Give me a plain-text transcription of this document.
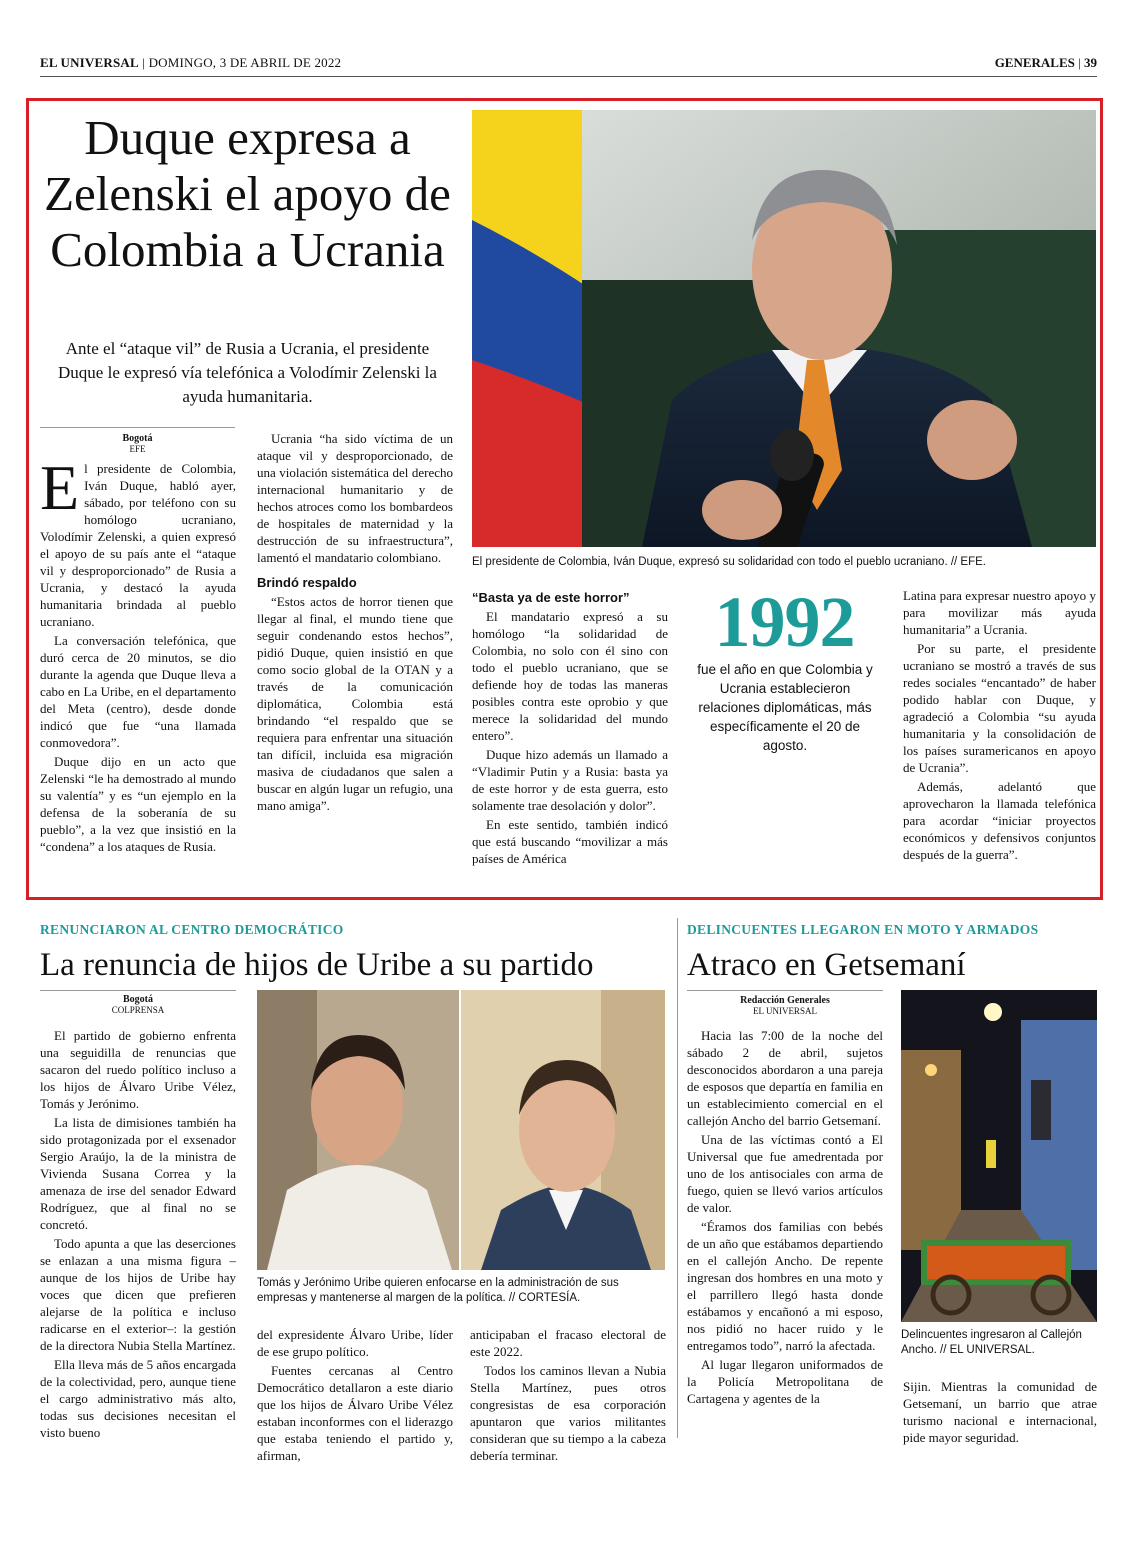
EL UNIVERSAL | DOMINGO, 3 DE ABRIL DE 2022	GENERALES | 39
Duque expresa a Zelenski el apoyo de Colombia a Ucrania
Ante el “ataque vil” de Rusia a Ucrania, el presidente Duque le expresó vía telefónica a Volodímir Zelenski la ayuda humanitaria.
Bogotá
EFE

El presidente de Colombia, Iván Duque, habló ayer, sábado, por teléfono con su homólogo ucraniano, Volodímir Zelenski, a quien expresó el apoyo de su país ante el “ataque vil y desproporcionado” de Rusia a Ucrania, y destacó la ayuda humanitaria brindada al pueblo ucraniano.

La conversación telefónica, que duró cerca de 20 minutos, se dio durante la agenda que Duque lleva a cabo en La Uribe, en el departamento del Meta (centro), desde donde indicó que fue “una llamada conmovedora”.

Duque dijo en un acto que Zelenski “le ha demostrado al mundo su valentía” y es “un ejemplo en la defensa de la soberanía de su pueblo”, a la vez que insistió en la “condena” a los ataques de Rusia.

Ucrania “ha sido víctima de un ataque vil y desproporcionado, de una violación sistemática del derecho internacional humanitario y de hechos atroces como los bombardeos de hospitales de maternidad y la destrucción de su infraestructura”, lamentó el mandatario colombiano.

Brindó respaldo

“Estos actos de horror tienen que llegar al final, el mundo tiene que seguir condenando estos hechos”, pidió Duque, quien insistió en que como socio global de la OTAN y a través de la comunicación diplomática, Colombia está brindando “el respaldo que se requiera para enfrentar una situación tan difícil, incluida esa migración masiva de ciudadanos que salen a buscar en algún lugar un refugio, una mano amiga”.

El presidente de Colombia, Iván Duque, expresó su solidaridad con todo el pueblo ucraniano. // EFE.
“Basta ya de este horror”

El mandatario expresó a su homólogo “la solidaridad de Colombia, no solo con él sino con todo el pueblo ucraniano, que se defiende hoy de todas las maneras posibles contra este oprobio y que merece la solidaridad del mundo entero”.

Duque hizo además un llamado a “Vladimir Putin y a Rusia: basta ya de este horror y de esta guerra, esto solamente trae desolación y dolor”.

En este sentido, también indicó que está buscando “movilizar a más países de América

1992
fue el año en que Colombia y Ucrania establecieron relaciones diplomáticas, más específicamente el 20 de agosto.

Latina para expresar nuestro apoyo y para movilizar más ayuda humanitaria” a Ucrania.

Por su parte, el presidente ucraniano se mostró a través de sus redes sociales “encantado” de haber podido hablar con Duque, y agradeció a Colombia “su ayuda humanitaria y la consolidación de los países suramericanos en apoyo de Ucrania”.

Además, adelantó que aprovecharon la llamada telefónica para acordar “iniciar proyectos económicos y defensivos conjuntos después de la guerra”.

RENUNCIARON AL CENTRO DEMOCRÁTICO
La renuncia de hijos de Uribe a su partido
Bogotá
COLPRENSA

El partido de gobierno enfrenta una seguidilla de renuncias que sacaron del ruedo político incluso a los hijos de Álvaro Uribe Vélez, Tomás y Jerónimo.

La lista de dimisiones también ha sido protagonizada por el exsenador Sergio Araújo, la de la ministra de Vivienda Susana Correa y la amenaza de irse del senador Edward Rodríguez, que al final no se concretó.

Todo apunta a que las deserciones se enlazan a una misma figura –aunque de los hijos de Uribe hay voces que dicen que prefieren alejarse de la política e incluso radicarse en el exterior–: la gestión de la directora Nubia Stella Martínez.

Ella lleva más de 5 años encargada de la colectividad, pero, aunque tiene el cargo administrativo más alto, todas sus decisiones necesitan el visto bueno

Tomás y Jerónimo Uribe quieren enfocarse en la administración de sus empresas y mantenerse al margen de la política. // CORTESÍA.

del expresidente Álvaro Uribe, líder de ese grupo político.

Fuentes cercanas al Centro Democrático detallaron a este diario que los hijos de Álvaro Uribe Vélez estaban inconformes con el liderazgo que estaba teniendo el partido y, afirman,

anticipaban el fracaso electoral de este 2022.

Todos los caminos llevan a Nubia Stella Martínez, pues otros congresistas de esa corporación apuntaron que varios militantes consideran que su tiempo a la cabeza debería terminar.

DELINCUENTES LLEGARON EN MOTO Y ARMADOS
Atraco en Getsemaní
Redacción Generales
EL UNIVERSAL

Hacia las 7:00 de la noche del sábado 2 de abril, sujetos desconocidos abordaron a una pareja de esposos que departía en familia en un establecimiento comercial en el callejón Ancho del barrio Getsemaní.

Una de las víctimas contó a El Universal que fue amedrentada por uno de los antisociales con arma de fuego, quien se llevó varios artículos de valor.

“Éramos dos familias con bebés de un año que estábamos departiendo en el callejón Ancho. De repente ingresan dos hombres en una moto y el parrillero llegó hasta donde estábamos y encañonó a mi esposo, nos pidió no hacer ruido y le entregamos todo”, narró la afectada.

Al lugar llegaron uniformados de la Policía Metropolitana de Cartagena y agentes de la

Delincuentes ingresaron al Callejón Ancho. // EL UNIVERSAL.

Sijin. Mientras la comunidad de Getsemaní, un barrio que atrae turismo nacional e internacional, pide mayor seguridad.
